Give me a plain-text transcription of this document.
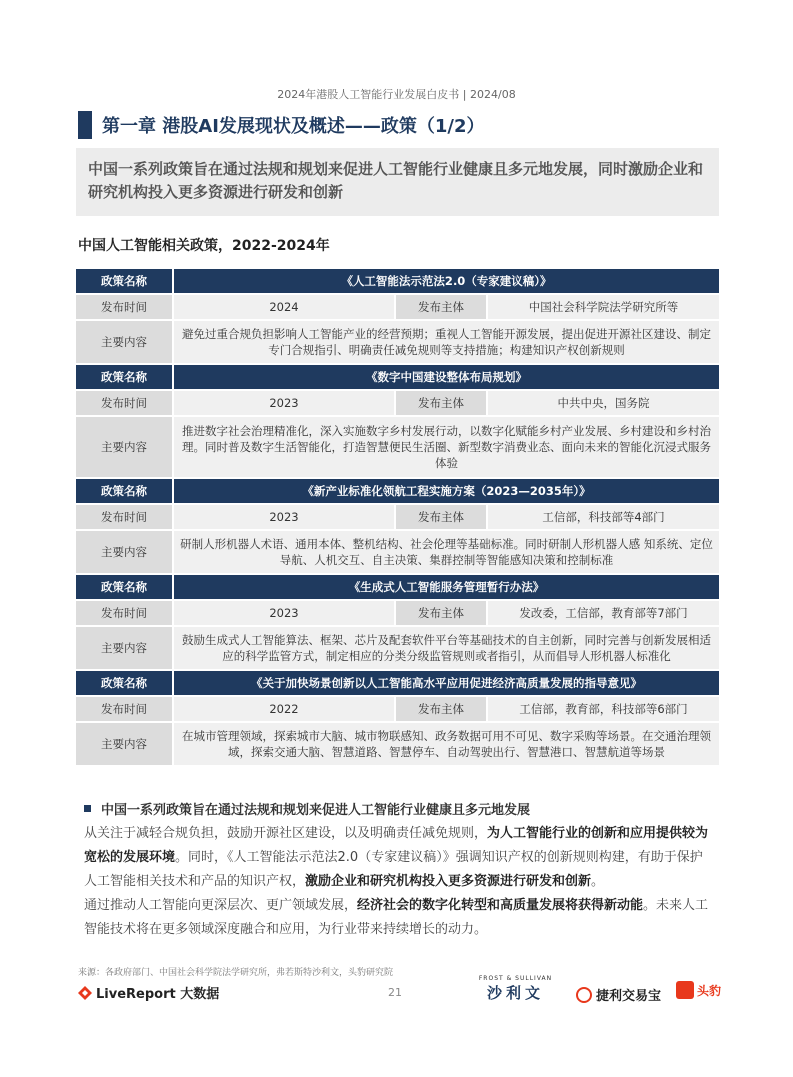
2024年港股人工智能行业发展白皮书 | 2024/08
第一章 港股AI发展现状及概述——政策（1/2）
中国一系列政策旨在通过法规和规划来促进人工智能行业健康且多元地发展，同时激励企业和研究机构投入更多资源进行研发和创新
中国人工智能相关政策，2022-2024年
政策名称	《人工智能法示范法2.0（专家建议稿）》		
发布时间	2024	发布主体	中国社会科学院法学研究所等
主要内容	避免过重合规负担影响人工智能产业的经营预期；重视人工智能开源发展，提出促进开源社区建设、制定专门合规指引、明确责任减免规则等支持措施；构建知识产权创新规则		
政策名称	《数字中国建设整体布局规划》		
发布时间	2023	发布主体	中共中央，国务院
主要内容	推进数字社会治理精准化，深入实施数字乡村发展行动，以数字化赋能乡村产业发展、乡村建设和乡村治理。同时普及数字生活智能化，打造智慧便民生活圈、新型数字消费业态、面向未来的智能化沉浸式服务体验		
政策名称	《新产业标准化领航工程实施方案（2023—2035年）》		
发布时间	2023	发布主体	工信部，科技部等4部门
主要内容	研制人形机器人术语、通用本体、整机结构、社会伦理等基础标准。同时研制人形机器人感 知系统、定位导航、人机交互、自主决策、集群控制等智能感知决策和控制标准		
政策名称	《生成式人工智能服务管理暂行办法》		
发布时间	2023	发布主体	发改委，工信部，教育部等7部门
主要内容	鼓励生成式人工智能算法、框架、芯片及配套软件平台等基础技术的自主创新，同时完善与创新发展相适应的科学监管方式，制定相应的分类分级监管规则或者指引，从而倡导人形机器人标准化		
政策名称	《关于加快场景创新以人工智能高水平应用促进经济高质量发展的指导意见》		
发布时间	2022	发布主体	工信部，教育部，科技部等6部门
主要内容	在城市管理领域，探索城市大脑、城市物联感知、政务数据可用不可见、数字采购等场景。在交通治理领域，探索交通大脑、智慧道路、智慧停车、自动驾驶出行、智慧港口、智慧航道等场景		
中国一系列政策旨在通过法规和规划来促进人工智能行业健康且多元地发展
从关注于减轻合规负担，鼓励开源社区建设，以及明确责任减免规则，为人工智能行业的创新和应用提供较为宽松的发展环境。同时，《人工智能法示范法2.0（专家建议稿）》强调知识产权的创新规则构建，有助于保护人工智能相关技术和产品的知识产权，激励企业和研究机构投入更多资源进行研发和创新。
通过推动人工智能向更深层次、更广领域发展，经济社会的数字化转型和高质量发展将获得新动能。未来人工智能技术将在更多领域深度融合和应用，为行业带来持续增长的动力。
来源：各政府部门、中国社会科学院法学研究所，弗若斯特沙利文，头豹研究院
LiveReport 大数据	21
FROST & SULLIVAN
沙利文	捷利交易宝	头豹
